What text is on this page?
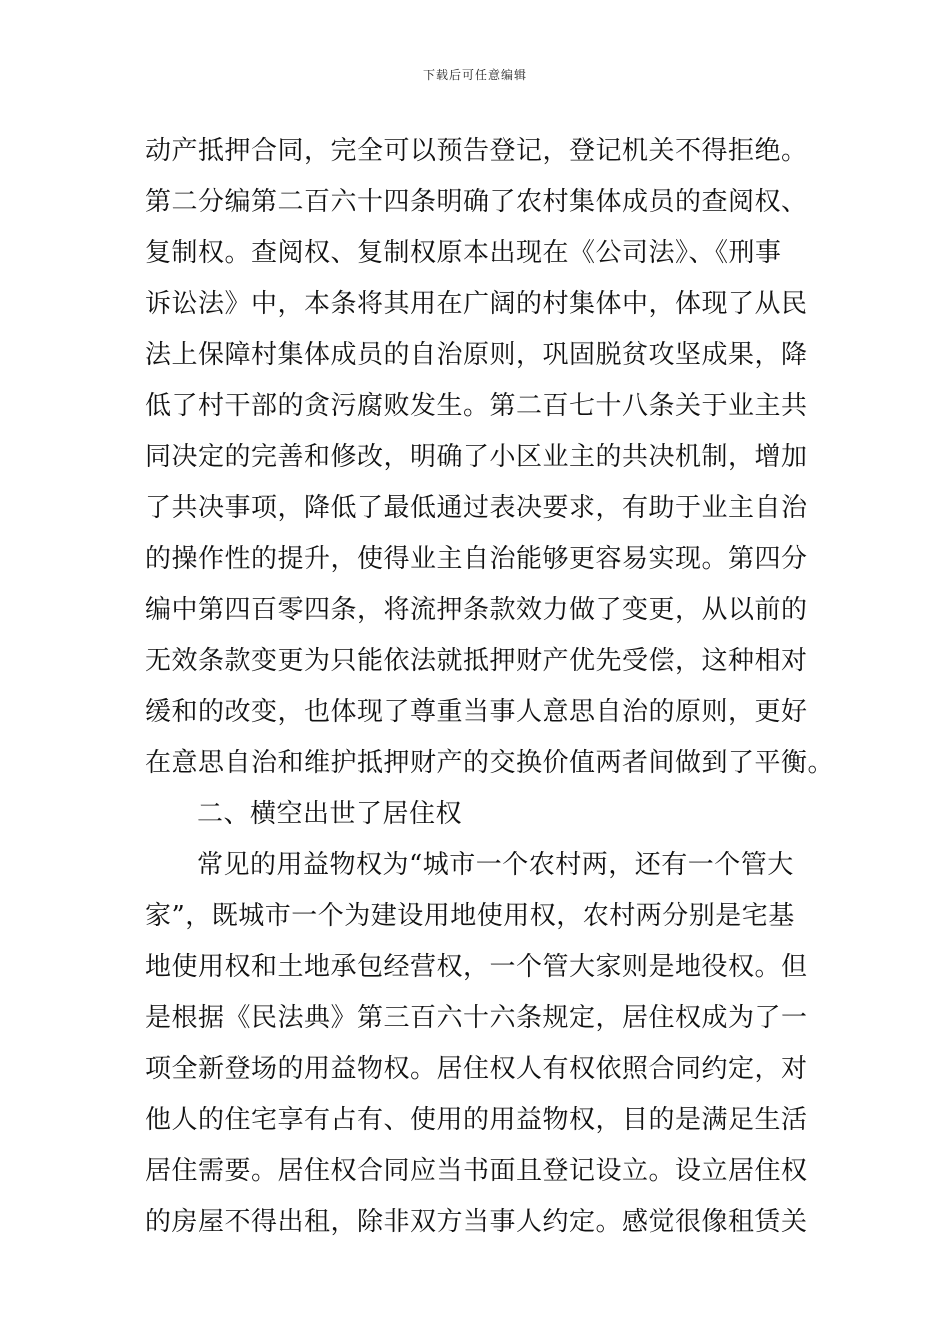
下载后可任意编辑
动产抵押合同，完全可以预告登记，登记机关不得拒绝。
第二分编第二百六十四条明确了农村集体成员的查阅权、
复制权。查阅权、复制权原本出现在《公司法》、《刑事
诉讼法》中，本条将其用在广阔的村集体中，体现了从民
法上保障村集体成员的自治原则，巩固脱贫攻坚成果，降
低了村干部的贪污腐败发生。第二百七十八条关于业主共
同决定的完善和修改，明确了小区业主的共决机制，增加
了共决事项，降低了最低通过表决要求，有助于业主自治
的操作性的提升，使得业主自治能够更容易实现。第四分
编中第四百零四条，将流押条款效力做了变更，从以前的
无效条款变更为只能依法就抵押财产优先受偿，这种相对
缓和的改变，也体现了尊重当事人意思自治的原则，更好
在意思自治和维护抵押财产的交换价值两者间做到了平衡。
二、横空出世了居住权
常见的用益物权为“城市一个农村两，还有一个管大
家”，既城市一个为建设用地使用权，农村两分别是宅基
地使用权和土地承包经营权，一个管大家则是地役权。但
是根据《民法典》第三百六十六条规定，居住权成为了一
项全新登场的用益物权。居住权人有权依照合同约定，对
他人的住宅享有占有、使用的用益物权，目的是满足生活
居住需要。居住权合同应当书面且登记设立。设立居住权
的房屋不得出租，除非双方当事人约定。感觉很像租赁关
